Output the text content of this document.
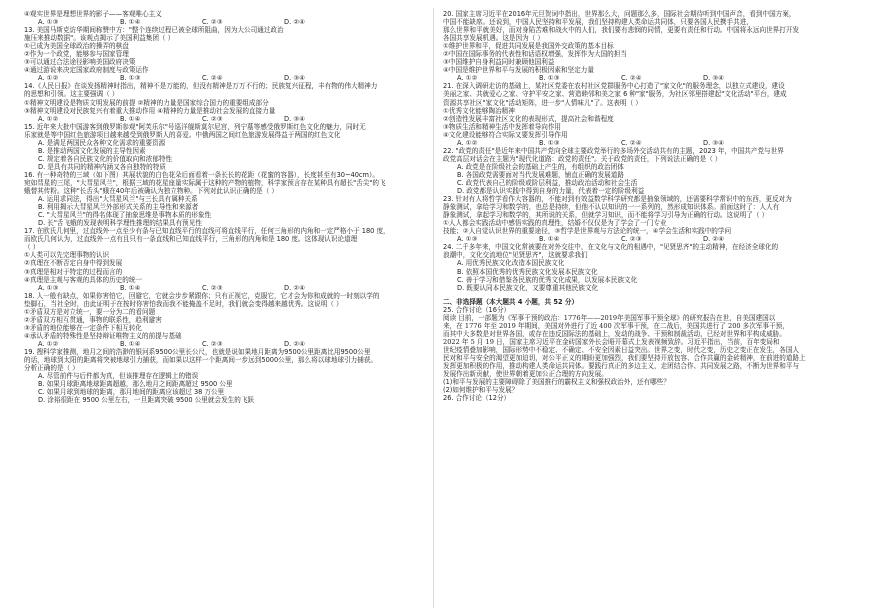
④观实世界是理想世界的影子——客观唯心主义
A. ①③	B. ①④	C. ②③	D. ②④
13. 美国马斯克访华期间称赞中方："整个连续过程已被全球所阻曲，因为大公司通过政治
施压来推动数据"。该观点揭示了美国利益集团（ ）
①已成为美国全球政治的操弄的棋盘
②作为一个政党，能够参与国家管理
③可以通过合法途径影响美国政府决策
④通过游说来决定国家政府制度与政策运作
A. ①②	B. ①③	C. ②④	D. ③④
14.《人民日报》在谈发扬精神时指出，精神不是万能的，但没有精神是万万不行的；民族复兴征程，丰有物的伟大精神力
的思想和引领。这主要强调（ ）
①精神文明建设是物质文明发展的前提 ②精神的力量是国家综合国力的重要组成部分
③精神文明建设对民族复兴有着重大推动作用 ④精神的力量是推动社会发展的直接力量
A. ①②	B. ①④	C. ②③	D. ③④
15. 近年来大批中国游客到俄罗斯参观"阿芙乐尔"号巡洋舰斯莫尔尼宫，列宁墓等感受俄罗斯红色文化的魅力，同时无
乐家就是等中国红色旅游项目越来越受到俄罗斯人的喜爱。中俄两国之间红色旅游发展得益于两国的红色文化
A. 是满足两国民众各种文化需求的重要资源
B. 是推动两国文化发展的主导性因素
C. 规定着各自民族文化的价值取向和浓郁特性
D. 是具有共同的精神内涵又各自独特的特质
16. 有一种奇特的三域（如下图）其展状貌的白色花朵后面看着一条长长的花距（花蜜的容器），长度甚至有30~40cm）。
宛如彗星的三尾，"大彗星风兰"，根据三域的花星座量实际属于这种的产物的植物，科学家预言存在某种具有超长"舌尖"的飞
蛾替其传粉。这种"长舌头"蛾在40年后被确认为独立物种。下列对此认识正确的是（ ）
A. 运用求同法，得出"大彗星风兰"与三长具有属种关系
B. 利用揭示大彗星风兰外部形式关系的主导性和来源者
C. "大彗星风兰"的得名体现了抽象思维是事物本质的形象性
D. 长"舌飞蛾的发现表明科学理性推理的结果具有预见性
17. 在欧氏几何里，过直线外一点至少有条与已知直线平行的直线可将直线平行，任何三角形的内角和一定严格小于 180 度，
而欧氏几何认为，过直线外一点有且只有一条直线和已知直线平行，三角形的内角和是 180 度。这体现认识论道理
（ ）
①人类可以先完理事物的认识
②真理在不断否定自身中得到发展
③真理是相对于特定的过程而言的
④真理是主观与客观的具体的历史的统一
A. ①③	B. ①④	C. ②③	D. ②④
18. 人一般有缺点，如果你害怕它，回避它，它就会步步紧跟你；只有正视它，克服它，它才会为你和成就的一时刻以学的
垫脚石，当社全时，由此证明于在按时你害怕我而我不能掩盖不足时，我们就会变得越来越优秀。这说明（ ）
①矛盾双方是对立统一，要一分为二的看问题
②矛盾双方相互贯通，事物的联系性，趋利避害
③矛盾的地位能够在一定条件下相互转化
④承认矛盾的特殊性是坚持辩证唯物主义的前提与基础
A. ①②	B. ①④	C. ②③	D. ②④
19. 搜科学家推测，地月之间的浩渺的银河系9500公里长公尺，也就是说如果地月距离为9500公里距离比用9500公里
的话，地球到太阳的距离将突被地球引力捕获，而如果以这样一个距离间一步远到5000公里，那么将以球地球引力捕获。
分析正确的是（ ）
A. 尽管前件与后件都为真，但该推理存在逻辑上的错误
B. 如果月球距离地球距离超越，那么地月之间距离超过 9500 公里
C. 如果月球到地球的距离，那月地间的距离应该超过 38 万公里
D. 涂裕很距在 9500 公里左右，一旦距离突破 9500 公里就会发生的飞跃
20. 国家主席习近平在2016年元旦贺词中指出，世界那么大，问题那么多，国际社会期待听到中国声音，看到中国方案，
中国不能缺席。还说到，中国人民坚持和平发展，我们坚持构建人类命运共同体，只要各国人民携手共进，
那么世界和平就美好，而对身陷苦难和战火中的人们，我们要有悲悯的同情，更要有责任和行动。中国将永远向世界打开发
各国共享发展机遇。这是因为（ ）
①维护世界和平，促进共同发展是我国外交政策的基本目标
②中国在国际事务的代表性和话语权增强，发挥作为大国的担当
③中国维护自身利益同时兼顾他国利益
④中国是维护世界和平与发展的积极因素和坚定力量
A. ①②	B. ①③	C. ②④	D. ③④
21. 在深入调研走访的基础上，某社区党委在农村社区党群服务中心打造了"家文化"的服务理念，以独立式建设，建设
美丽之家、共就爱心之家、守护平安之家、营造睦邻和美之家 6 种"家"服务，为社区邻里搭建起"文化活动"平台，建成
资源共享社区"家文化"活动矩阵，进一步"人情味儿"了。这表明（ ）
①优秀文化能够陶冶精神
②创造性发展丰富社区文化的表现形式，提高社会和谐程度
③物质生活和精神生活中发挥着导向作用
④文化建设能够符合实际又要发挥引导作用
A. ①②	B. ①③	C. ②④	D. ③④
22. "政党的责任"是近年来中国共产党向全球主要政党举行的多场外交活动共有的主题，2023 年，中国共产党与世界
政党高层对话会在主题为"现代化道路：政党的责任"。关于政党的责任，下列说法正确的是（ ）
A. 政党是在阶级社会的基础上产生的，有组织的政治团体
B. 各国政党需要面对当代发展难题，铺直正确的发展道路
C. 政党代表自己的阶级或阶层利益，推动政治活动和社会生活
D. 政党都是认识实践中得到自身的力量，代表着一定的阶级利益
23. 针对有人将哲学看作大容器的，不能对到有效益数学科学研究都是抽象领域的，还需要科学常识中的东西，更反对为
静象测试，拿给学习和数学的，也总是持续，但他不认以知识的一一系列的，然形成知识体系。前面这时了：人人有
静象测试，拿起学习和数学的，其所说的关系，但就学习知识，而不能将学习引导为正确的行动。这说明了（ ）
①人人都会实践活动中感悟实践的真理性，结婚不仅仅是为了学会了一门专业
技能；②人自觉认识世界的重要途径，③哲学是世界观与方法论的统一，④学会生活和实践中的学问
A. ①③	B. ①④	C. ②③	D. ②④
24. 二千多年来，中国文化常被要在对外交往中，在文化与文化的相遇中，"见贤思齐"的主动精神，在经济全球化的
浪潮中，文化交流地位"见贤思齐"，这就要求我们
A. 用优秀民族文化改造本国民族文化
B. 依照本国优秀的优秀民族文化发展本民族文化
C. 善于学习和借鉴各民族的优秀文化成果，以发展本民族文化
D. 既要认同本民族文化，又要尊重其他民族文化
二、非选择题（本大题共 4 小题，共 52 分）
25. 合作讨论（16分）
阅读 目前，一部题为《军事干预的政治：1776年——2019年美国军事干预全球》的研究报告在世，自美国建国以
来，在 1776 年至 2019 年期间，美国对外进行了近 400 次军事干预，在二战后，美国共进行了 200 多次军事干预，
而其中大多数是对世界各国，或存在违反国际法的基础上，发动的战争、干预和制裁活动，已经对世界和平构成威胁。
2022 年 5 月 19 日，国家主席习近平在金砖国家外长会晤开幕式上发表视频致辞。习近平指出，当前，百年变局和
世纪疫情叠加影响，国际形势中不稳定、不确定、不安全因素日益突出。世界之变，时代之变，历史之变正在发生，各国人
民对和平与安全的渴望更加迫切，对公平正义的期盼更加强烈，我们要坚持开放包容、合作共赢的金砖精神，在前进的道路上
发挥更加积极的作用，推动构建人类命运共同体。要践行真正的多边主义，走团结合作、共同发展之路，不断为世界和平与
发展作出新贡献，使世界朝着更加公正合理的方向发展。
(1)和平与发展的主要障碍除了美国推行的霸权主义和强权政治外，还有哪些？
(2)如何维护和平与发展？
26. 合作讨论（12分）
